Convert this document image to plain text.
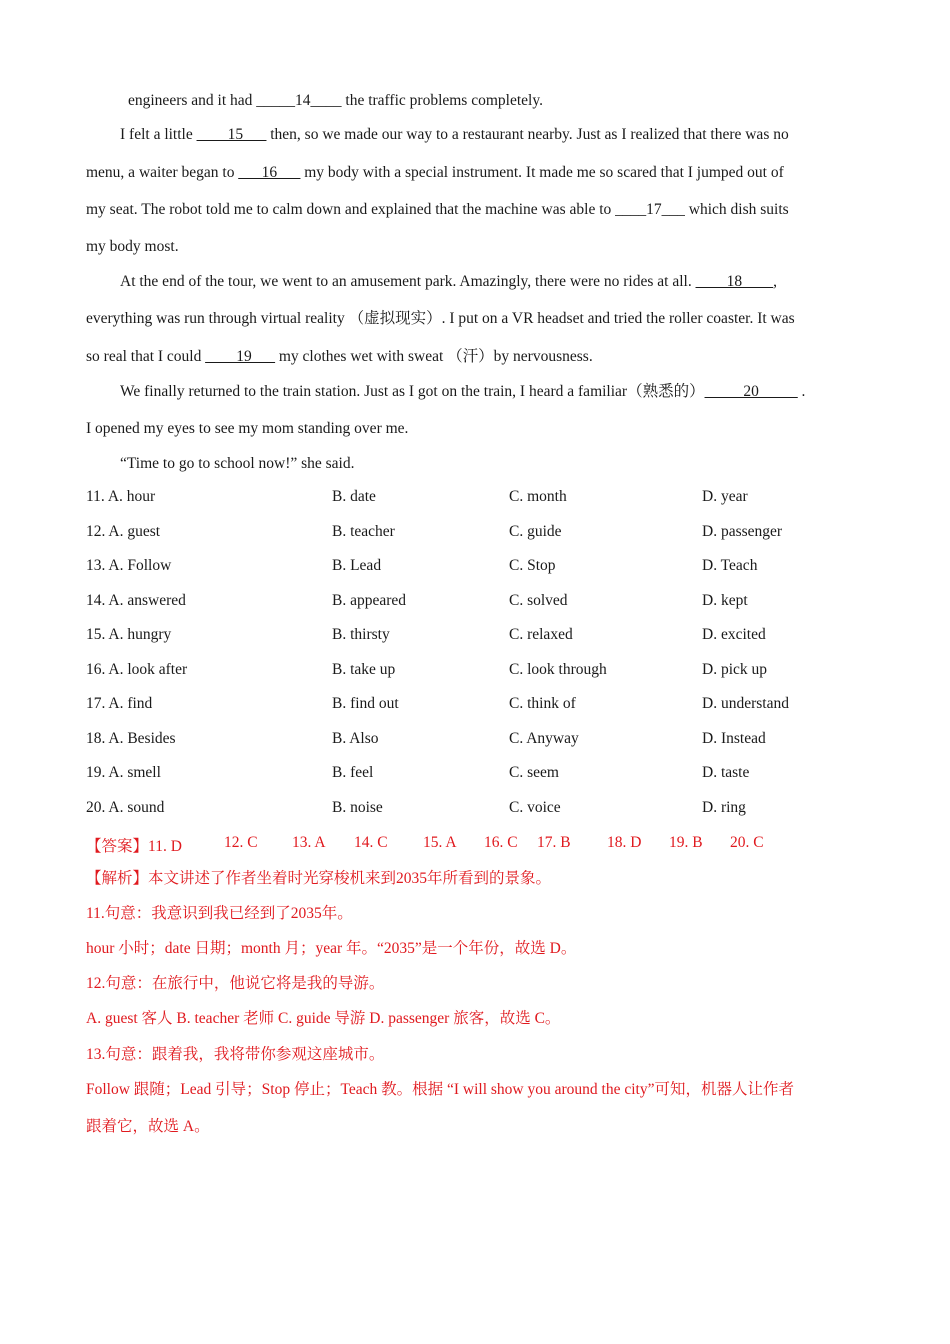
engineers and it had _____14____ the traffic problems completely.
I felt a little ____15___ then, so we made our way to a restaurant nearby. Just as I realized that there was no
menu, a waiter began to ___16___ my body with a special instrument. It made me so scared that I jumped out of
my seat. The robot told me to calm down and explained that the machine was able to ____17___ which dish suits
my body most.
At the end of the tour, we went to an amusement park. Amazingly, there were no rides at all. ____18____,
everything was run through virtual reality （虚拟现实）. I put on a VR headset and tried the roller coaster. It was
so real that I could ____19___ my clothes wet with sweat （汗）by nervousness.
We finally returned to the train station. Just as I got on the train, I heard a familiar（熟悉的）_____20_____ .
I opened my eyes to see my mom standing over me.
“Time to go to school now!” she said.
11. A. hour	B. date	C. month	D. year
12. A. guest	B. teacher	C. guide	D. passenger
13. A. Follow	B. Lead	C. Stop	D. Teach
14. A. answered	B. appeared	C. solved	D. kept
15. A. hungry	B. thirsty	C. relaxed	D. excited
16. A. look after	B. take up	C. look through	D. pick up
17. A. find	B. find out	C. think of	D. understand
18. A. Besides	B. Also	C. Anyway	D. Instead
19. A. smell	B. feel	C. seem	D. taste
20. A. sound	B. noise	C. voice	D. ring
【答案】11. D	12. C 13. A 14. C 15. A 16. C 17. B 18. D 19. B 20. C
【解析】本文讲述了作者坐着时光穿梭机来到2035年所看到的景象。
11.句意：我意识到我已经到了2035年。
hour 小时；date 日期；month 月；year 年。“2035”是一个年份，故选 D。
12.句意：在旅行中，他说它将是我的导游。
A. guest 客人 B. teacher 老师 C. guide 导游 D. passenger 旅客，故选 C。
13.句意：跟着我，我将带你参观这座城市。
Follow 跟随；Lead 引导；Stop 停止；Teach 教。根据 “I will show you around the city”可知，机器人让作者
跟着它，故选 A。
